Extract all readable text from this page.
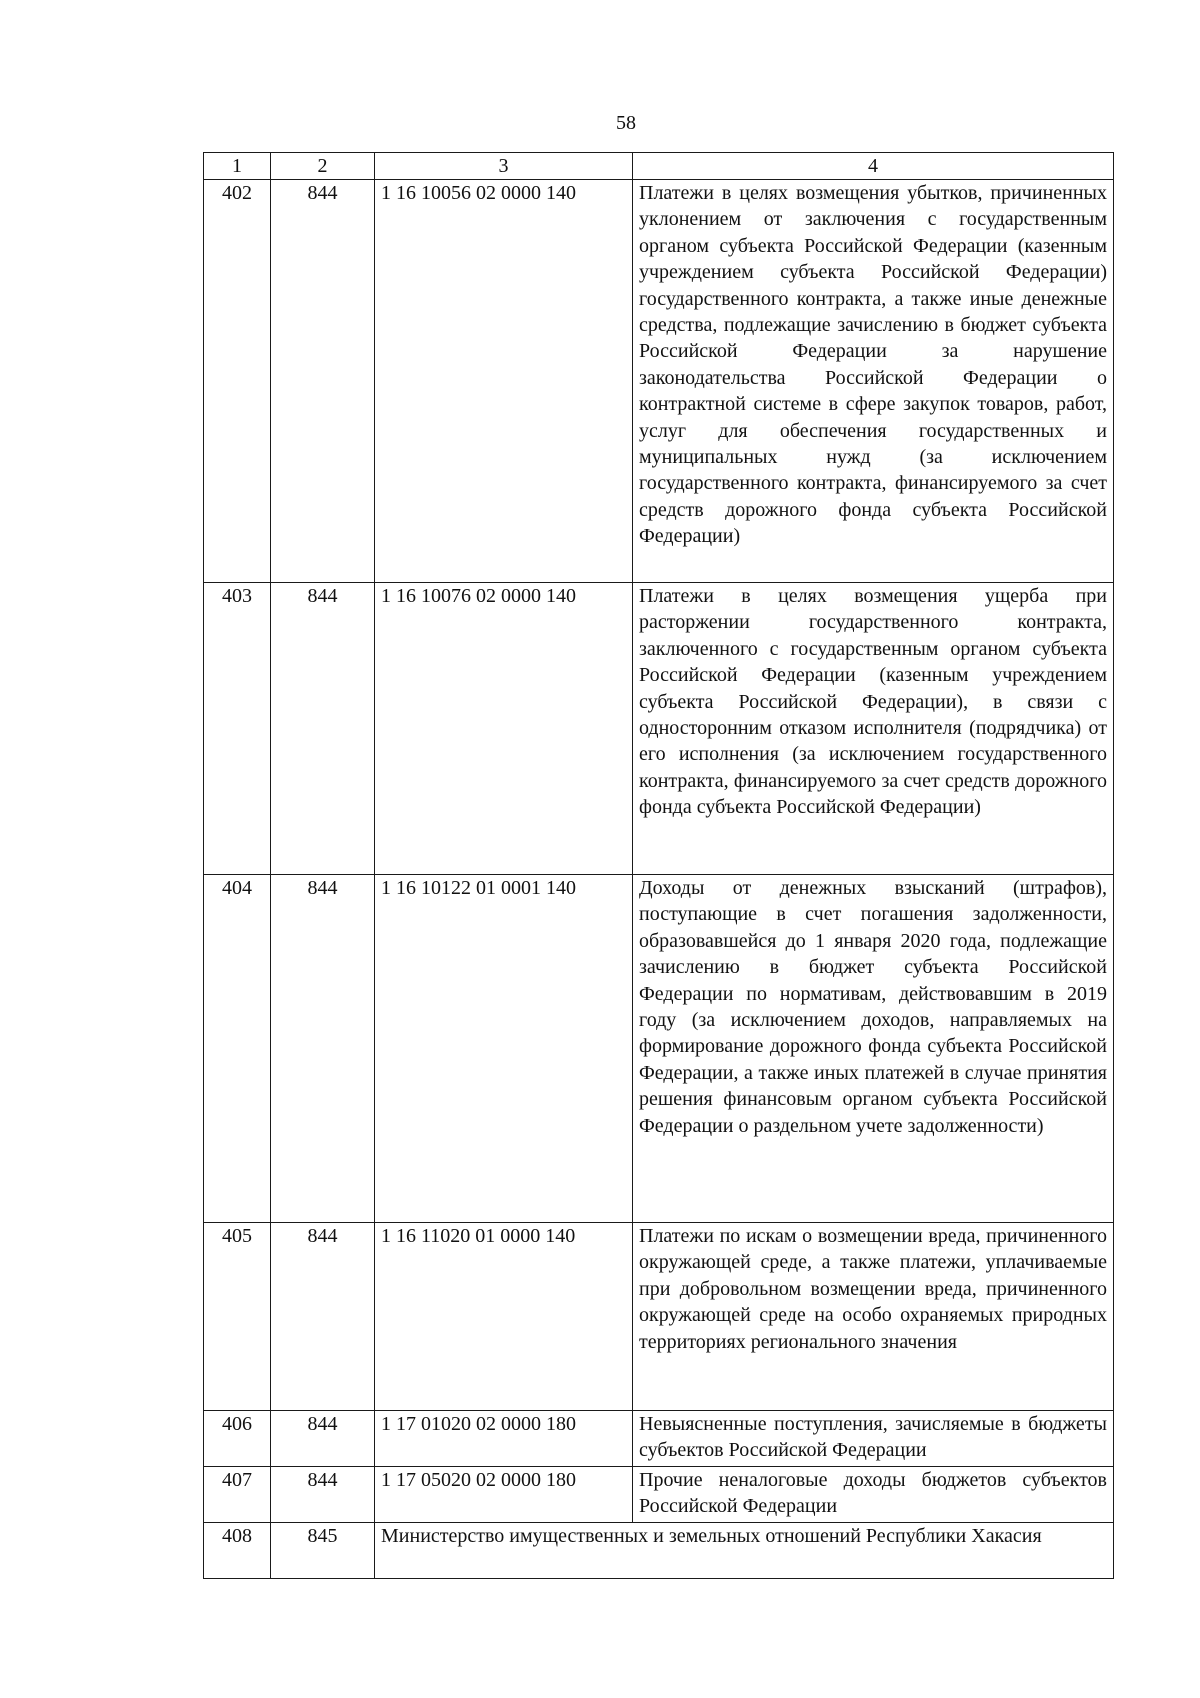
58
1	2	3	4
402	844	1 16 10056 02 0000 140	Платежи в целях возмещения убытков, причиненных уклонением от заключения с государственным органом субъекта Российской Федерации (казенным учреждением субъекта Российской Федерации) государственного контракта, а также иные денежные средства, подлежащие зачислению в бюджет субъекта Российской Федерации за нарушение законодательства Российской Федерации о контрактной системе в сфере закупок товаров, работ, услуг для обеспечения государственных и муниципальных нужд (за исключением государственного контракта, финансируемого за счет средств дорожного фонда субъекта Российской Федерации)
403	844	1 16 10076 02 0000 140	Платежи в целях возмещения ущерба при расторжении государственного контракта, заключенного с государственным органом субъекта Российской Федерации (казенным учреждением субъекта Российской Федерации), в связи с односторонним отказом исполнителя (подрядчика) от его исполнения (за исключением государственного контракта, финансируемого за счет средств дорожного фонда субъекта Российской Федерации)
404	844	1 16 10122 01 0001 140	Доходы от денежных взысканий (штрафов), поступающие в счет погашения задолженности, образовавшейся до 1 января 2020 года, подлежащие зачислению в бюджет субъекта Российской Федерации по нормативам, действовавшим в 2019 году (за исключением доходов, направляемых на формирование дорожного фонда субъекта Российской Федерации, а также иных платежей в случае принятия решения финансовым органом субъекта Российской Федерации о раздельном учете задолженности)
405	844	1 16 11020 01 0000 140	Платежи по искам о возмещении вреда, причиненного окружающей среде, а также платежи, уплачиваемые при добровольном возмещении вреда, причиненного окружающей среде на особо охраняемых природных территориях регионального значения
406	844	1 17 01020 02 0000 180	Невыясненные поступления, зачисляемые в бюджеты субъектов Российской Федерации
407	844	1 17 05020 02 0000 180	Прочие неналоговые доходы бюджетов субъектов Российской Федерации
408	845	Министерство имущественных и земельных отношений Республики Хакасия	
